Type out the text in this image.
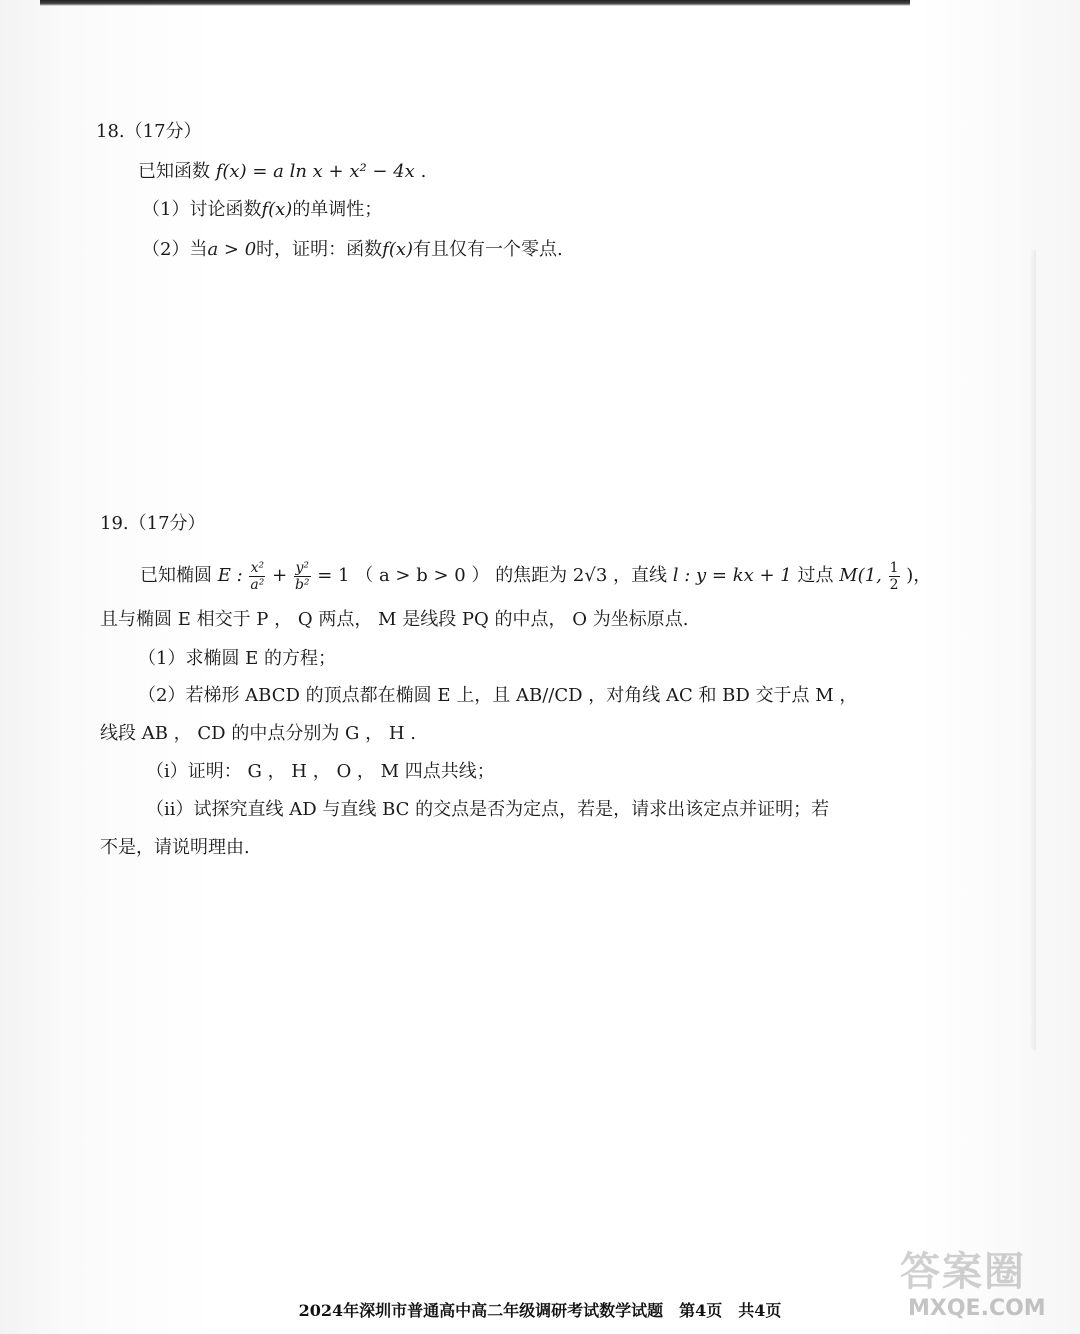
18.（17分）
已知函数 f(x) = a ln x + x² − 4x .
（1）讨论函数f(x)的单调性；
（2）当a > 0时，证明：函数f(x)有且仅有一个零点.
19.（17分）
已知椭圆 E : $\frac{\text{x²}}{\text{a²}} + \frac{\text{y²}}{\text{b²}} = 1$ （ a > b > 0 ） 的焦距为 2√3 ，直线 l : y = kx + 1 过点 M(1, $\frac{1}{2}$ )，
且与椭圆 E 相交于 P ， Q 两点， M 是线段 PQ 的中点， O 为坐标原点.
（1）求椭圆 E 的方程；
（2）若梯形 ABCD 的顶点都在椭圆 E 上，且 AB//CD ，对角线 AC 和 BD 交于点 M ，
线段 AB ， CD 的中点分别为 G ， H .
（i）证明： G ， H ， O ， M 四点共线；
（ii）试探究直线 AD 与直线 BC 的交点是否为定点，若是，请求出该定点并证明；若
不是，请说明理由.
2024年深圳市普通高中高二年级调研考试数学试题　第4页　共4页
答案圈
MXQE.COM
